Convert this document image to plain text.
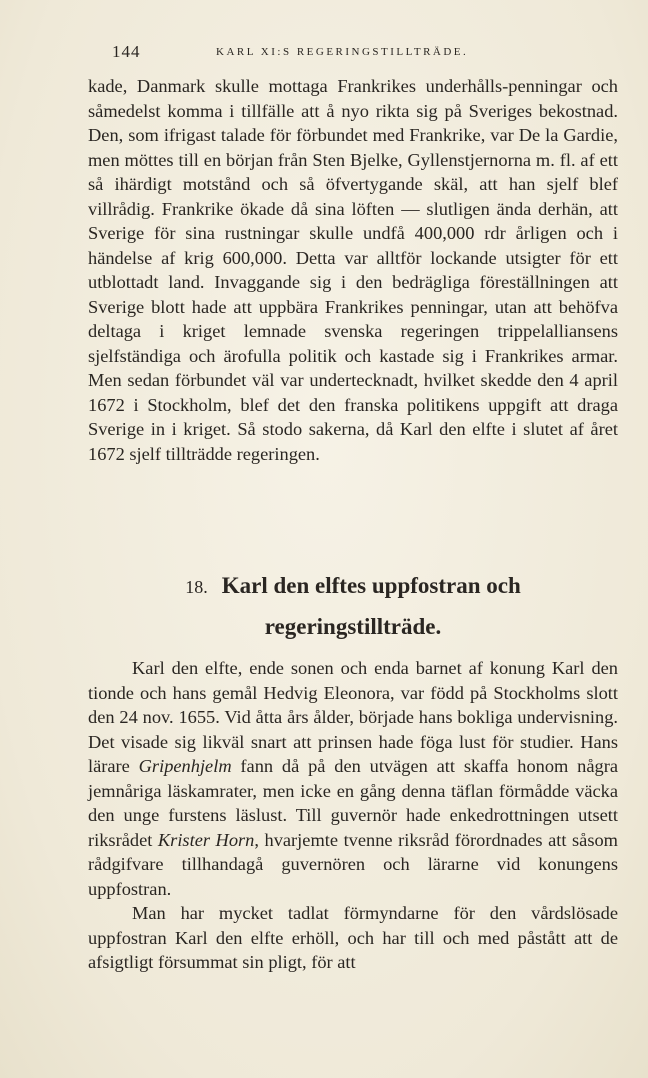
144	KARL XI:S REGERINGSTILLTRÄDE.

kade, Danmark skulle mottaga Frankrikes underhålls-penningar och såmedelst komma i tillfälle att å nyo rikta sig på Sveriges bekostnad. Den, som ifrigast talade för förbundet med Frankrike, var De la Gardie, men möttes till en början från Sten Bjelke, Gyllenstjernorna m. fl. af ett så ihärdigt motstånd och så öfvertygande skäl, att han sjelf blef villrådig. Frankrike ökade då sina löften — slutligen ända derhän, att Sverige för sina rustningar skulle undfå 400,000 rdr årligen och i händelse af krig 600,000. Detta var alltför lockande utsigter för ett utblottadt land. Invaggande sig i den bedrägliga föreställningen att Sverige blott hade att uppbära Frankrikes penningar, utan att behöfva deltaga i kriget lemnade svenska regeringen trippelalliansens sjelfständiga och ärofulla politik och kastade sig i Frankrikes armar. Men sedan förbundet väl var undertecknadt, hvilket skedde den 4 april 1672 i Stockholm, blef det den franska politikens uppgift att draga Sverige in i kriget. Så stodo sakerna, då Karl den elfte i slutet af året 1672 sjelf tillträdde regeringen.

18. Karl den elftes uppfostran och
regeringstillträde.

Karl den elfte, ende sonen och enda barnet af konung Karl den tionde och hans gemål Hedvig Eleonora, var född på Stockholms slott den 24 nov. 1655. Vid åtta års ålder, började hans bokliga undervisning. Det visade sig likväl snart att prinsen hade föga lust för studier. Hans lärare Gripenhjelm fann då på den utvägen att skaffa honom några jemnåriga läskamrater, men icke en gång denna täflan förmådde väcka den unge furstens läslust. Till guvernör hade enkedrottningen utsett riksrådet Krister Horn, hvarjemte tvenne riksråd förordnades att såsom rådgifvare tillhandagå guvernören och lärarne vid konungens uppfostran.

Man har mycket tadlat förmyndarne för den vårdslösade uppfostran Karl den elfte erhöll, och har till och med påstått att de afsigtligt försummat sin pligt, för att
